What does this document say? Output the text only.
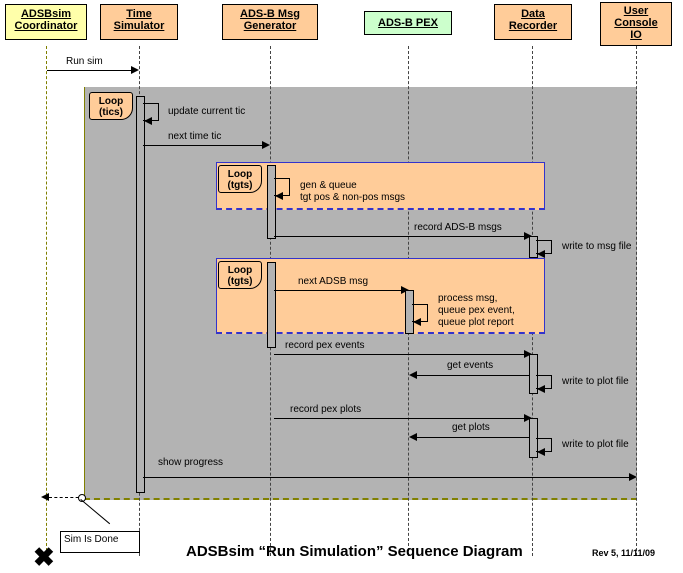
ADSBsim
Coordinator
Time
Simulator
ADS-B Msg
Generator	ADS-B PEX
Data
Recorder
User
Console
IO
Run sim
Loop
(tics)	update current tic
next time tic
Loop
(tgts)	gen & queue
tgt pos & non-pos msgs
record ADS-B msgs
write to msg file
Loop
(tgts)	next ADSB msg
process msg,
queue pex event,
queue plot report
record pex events
get events
write to plot file
record pex plots
get plots
write to plot file
show progress
Sim Is Done
✖	ADSBsim “Run Simulation” Sequence Diagram	Rev 5, 11/11/09
